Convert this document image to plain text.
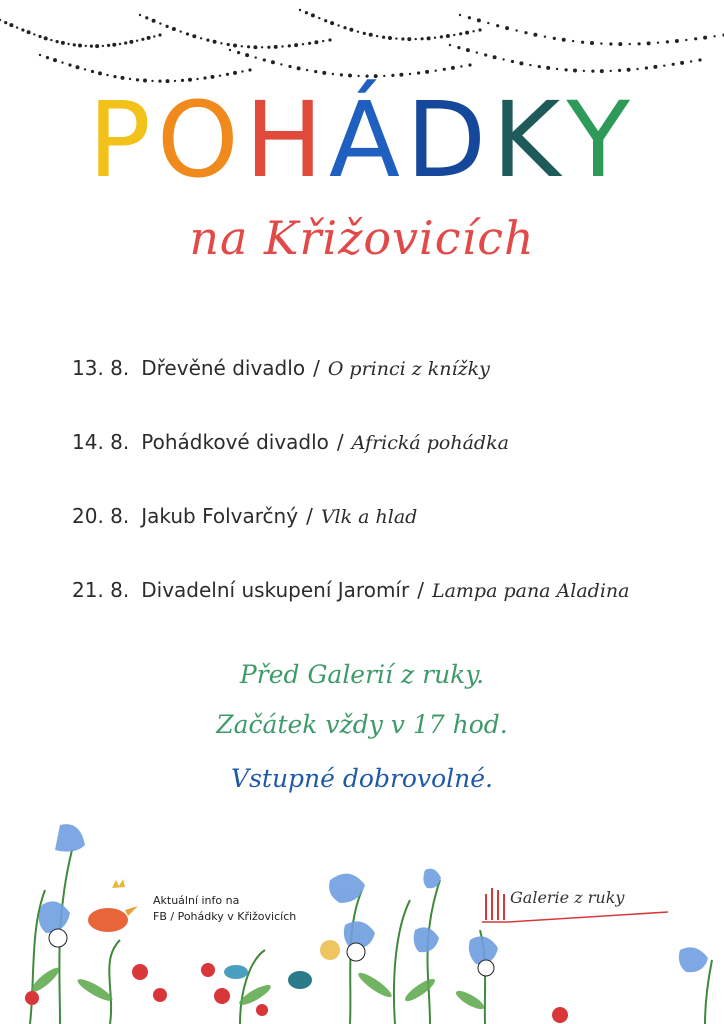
POHÁDKY
na Křižovicích
13. 8. Dřevěné divadlo / O princi z knížky
14. 8. Pohádkové divadlo / Africká pohádka
20. 8. Jakub Folvarčný / Vlk a hlad
21. 8. Divadelní uskupení Jaromír / Lampa pana Aladina
Před Galerií z ruky.
Začátek vždy v 17 hod.
Vstupné dobrovolné.
Aktuální info na
FB / Pohádky v Křižovicích
Galerie z ruky
